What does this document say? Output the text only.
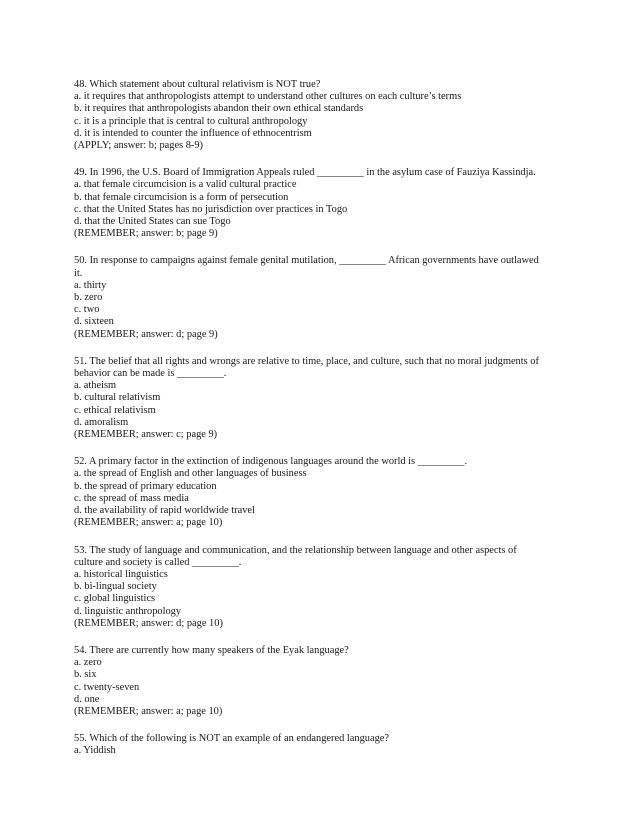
48. Which statement about cultural relativism is NOT true?
a. it requires that anthropologists attempt to understand other cultures on each culture’s terms
b. it requires that anthropologists abandon their own ethical standards
c. it is a principle that is central to cultural anthropology
d. it is intended to counter the influence of ethnocentrism
(APPLY; answer: b; pages 8-9)
49. In 1996, the U.S. Board of Immigration Appeals ruled _________ in the asylum case of Fauziya Kassindja.
a. that female circumcision is a valid cultural practice
b. that female circumcision is a form of persecution
c. that the United States has no jurisdiction over practices in Togo
d. that the United States can sue Togo
(REMEMBER; answer: b; page 9)
50. In response to campaigns against female genital mutilation, _________ African governments have outlawed it.
a. thirty
b. zero
c. two
d. sixteen
(REMEMBER; answer: d; page 9)
51. The belief that all rights and wrongs are relative to time, place, and culture, such that no moral judgments of behavior can be made is _________.
a. atheism
b. cultural relativism
c. ethical relativism
d. amoralism
(REMEMBER; answer: c; page 9)
52. A primary factor in the extinction of indigenous languages around the world is _________.
a. the spread of English and other languages of business
b. the spread of primary education
c. the spread of mass media
d. the availability of rapid worldwide travel
(REMEMBER; answer: a; page 10)
53. The study of language and communication, and the relationship between language and other aspects of culture and society is called _________.
a. historical linguistics
b. bi-lingual society
c. global linguistics
d. linguistic anthropology
(REMEMBER; answer: d; page 10)
54. There are currently how many speakers of the Eyak language?
a. zero
b. six
c. twenty-seven
d. one
(REMEMBER; answer: a; page 10)
55. Which of the following is NOT an example of an endangered language?
a. Yiddish
